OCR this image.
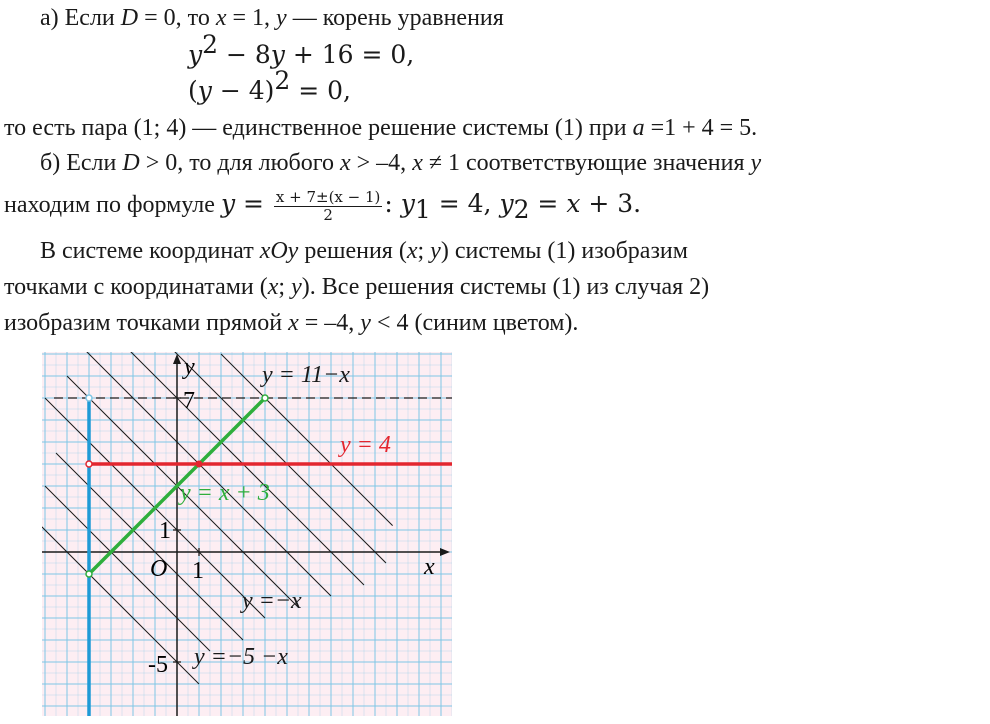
а) Если D = 0, то x = 1, y — корень уравнения
$y^2 - 8y + 16 = 0$,
$(y - 4)^2 = 0$,
то есть пара (1; 4) — единственное решение системы (1) при a =1 + 4 = 5.
б) Если D > 0, то для любого x > –4, x ≠ 1 соответствующие значения y
находим по формуле $y = \frac{x + 7\pm(x - 1)}{2}$ : $y_1 = 4$, $y_2 = x + 3$.
В системе координат xOy решения (x; y) системы (1) изобразим
точками с координатами (x; y). Все решения системы (1) из случая 2)
изобразим точками прямой x = –4, y < 4 (синим цветом).
y
x
O 1
1
7
-5
y = 11−x
y = 4
y = x + 3
y =−x
y =−5 −x
